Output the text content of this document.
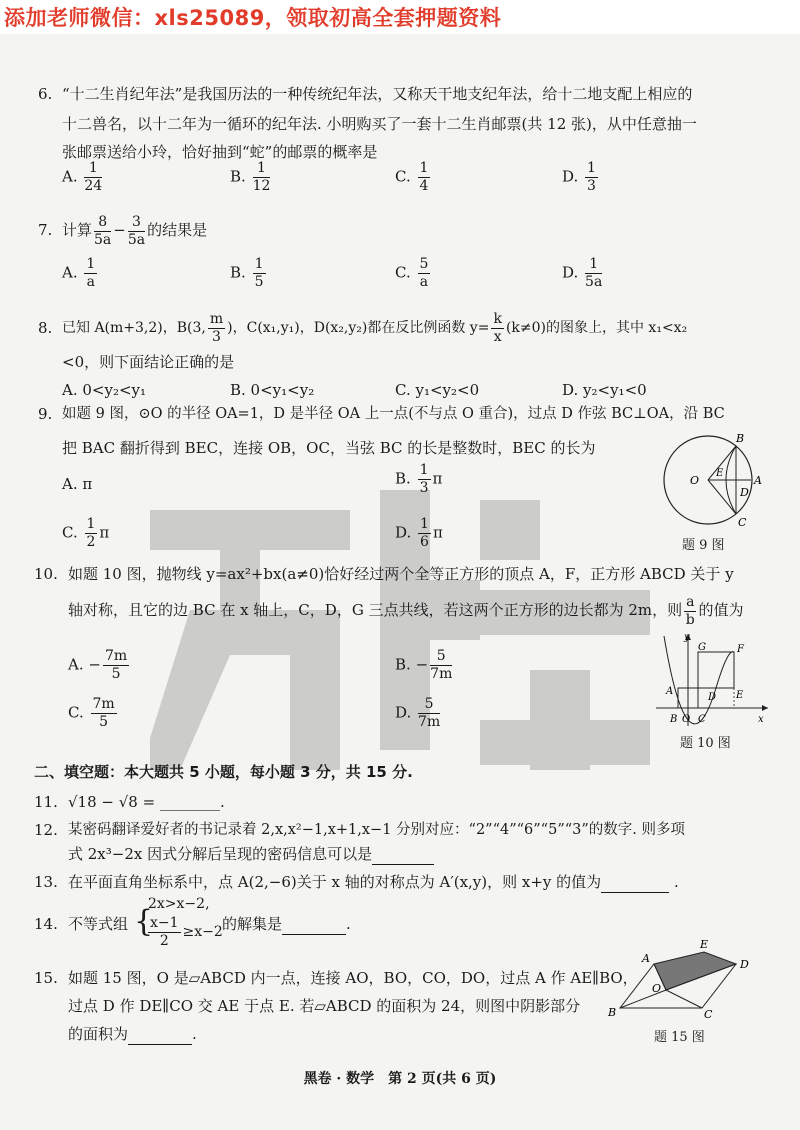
添加老师微信：xls25089，领取初高全套押题资料
万唯
6. “十二生肖纪年法”是我国历法的一种传统纪年法，又称天干地支纪年法，给十二地支配上相应的
十二兽名，以十二年为一循环的纪年法. 小明购买了一套十二生肖邮票(共 12 张)，从中任意抽一
张邮票送给小玲，恰好抽到“蛇”的邮票的概率是
A. $\frac{1}{24}$	B. $\frac{1}{12}$	C. $\frac{1}{4}$	D. $\frac{1}{3}$
7. 计算 $\frac{8}{5a} - \frac{3}{5a}$ 的结果是
A. $\frac{1}{a}$	B. $\frac{1}{5}$	C. $\frac{5}{a}$	D. $\frac{1}{5a}$
8. 已知 A(m+3,2)，B(3, $\frac{m}{3}$ )，C(x₁,y₁)，D(x₂,y₂)都在反比例函数 $y= \frac{k}{x} (k\ne 0)$的图象上，其中 x₁<x₂
<0，则下面结论正确的是
A. 0<y₂<y₁	B. 0<y₁<y₂	C. y₁<y₂<0	D. y₂<y₁<0
9. 如题 9 图，⊙O 的半径 OA=1，D 是半径 OA 上一点(不与点 O 重合)，过点 D 作弦 BC⊥OA，沿 BC
把 BAC 翻折得到 BEC，连接 OB，OC，当弦 BC 的长是整数时，BEC 的长为
A. π	B. $\frac{1}{3}$ π
C. $\frac{1}{2}$ π	D. $\frac{1}{6}$ π
B
A
O
E
D
C
题 9 图
10. 如题 10 图，抛物线 y=ax²+bx(a≠0)恰好经过两个全等正方形的顶点 A，F，正方形 ABCD 关于 y
轴对称，且它的边 BC 在 x 轴上，C，D，G 三点共线，若这两个正方形的边长都为 2m，则 $\frac{a}{b}$ 的值为
A. − $\frac{7m}{5}$	B. − $\frac{5}{7m}$
C. $\frac{7m}{5}$	D. $\frac{5}{7m}$
y
G	F
A
D E
B O C	x
题 10 图
二、填空题：本大题共 5 小题，每小题 3 分，共 15 分.
11. √18 − √8 = ________.
12. 某密码翻译爱好者的书记录着 2,x,x²−1,x+1,x−1 分别对应：“2”“4”“6”“5”“3”的数字. 则多项
式 2x³−2x 因式分解后呈现的密码信息可以是
13. 在平面直角坐标系中，点 A(2,−6)关于 x 轴的对称点为 A′(x,y)，则 x+y 的值为	.
14. 不等式组 {
2x>x−2,
$\frac{x-1}{2} \ge x-2$ 的解集是	.
15. 如题 15 图，O 是▱ABCD 内一点，连接 AO，BO，CO，DO，过点 A 作 AE∥BO，
过点 D 作 DE∥CO 交 AE 于点 E. 若▱ABCD 的面积为 24，则图中阴影部分
的面积为	.
E
A	D
O
B	C
题 15 图
黑卷 · 数学　第 2 页(共 6 页)
